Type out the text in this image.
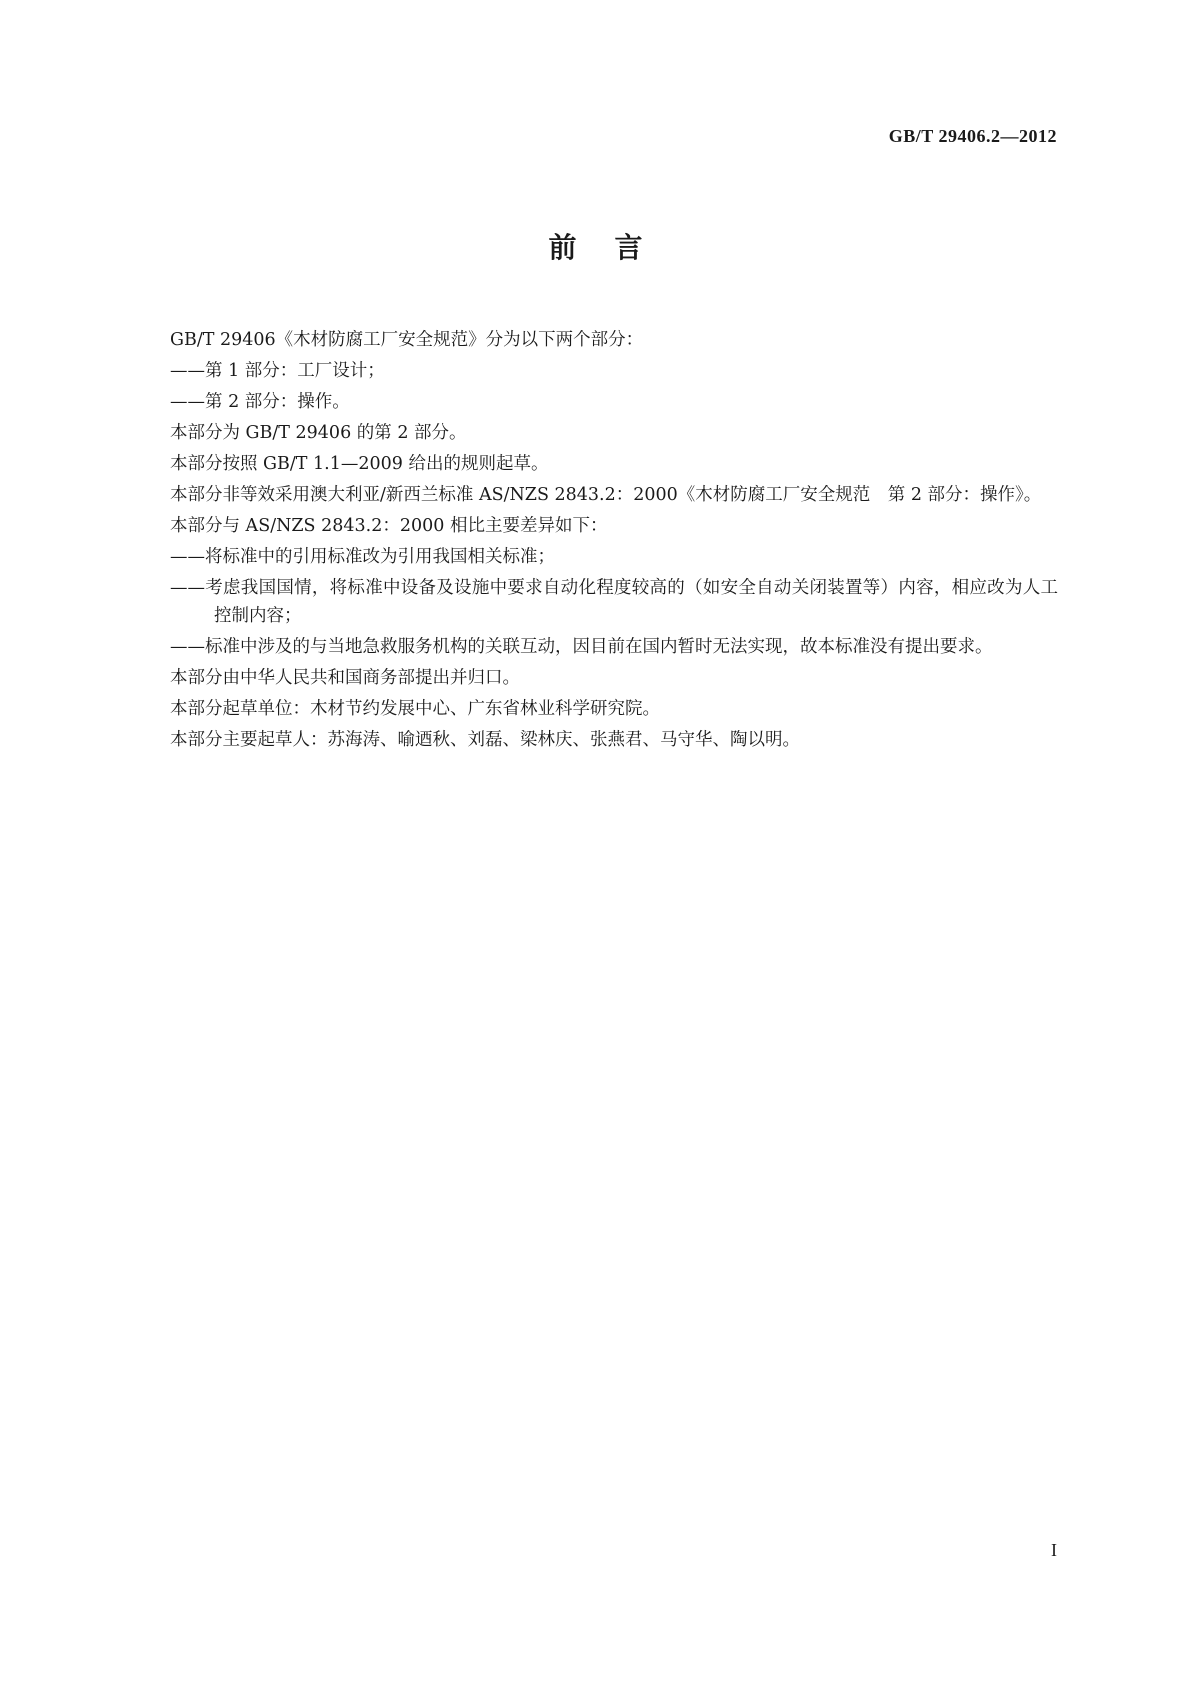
GB/T 29406.2—2012
前言

GB/T 29406《木材防腐工厂安全规范》分为以下两个部分：

——第 1 部分：工厂设计；

——第 2 部分：操作。

本部分为 GB/T 29406 的第 2 部分。

本部分按照 GB/T 1.1—2009 给出的规则起草。

本部分非等效采用澳大利亚/新西兰标准 AS/NZS 2843.2：2000《木材防腐工厂安全规范　第 2 部分：操作》。

本部分与 AS/NZS 2843.2：2000 相比主要差异如下：

——将标准中的引用标准改为引用我国相关标准；

——考虑我国国情，将标准中设备及设施中要求自动化程度较高的（如安全自动关闭装置等）内容，相应改为人工控制内容；

——标准中涉及的与当地急救服务机构的关联互动，因目前在国内暂时无法实现，故本标准没有提出要求。

本部分由中华人民共和国商务部提出并归口。

本部分起草单位：木材节约发展中心、广东省林业科学研究院。

本部分主要起草人：苏海涛、喻迺秋、刘磊、梁林庆、张燕君、马守华、陶以明。

I
